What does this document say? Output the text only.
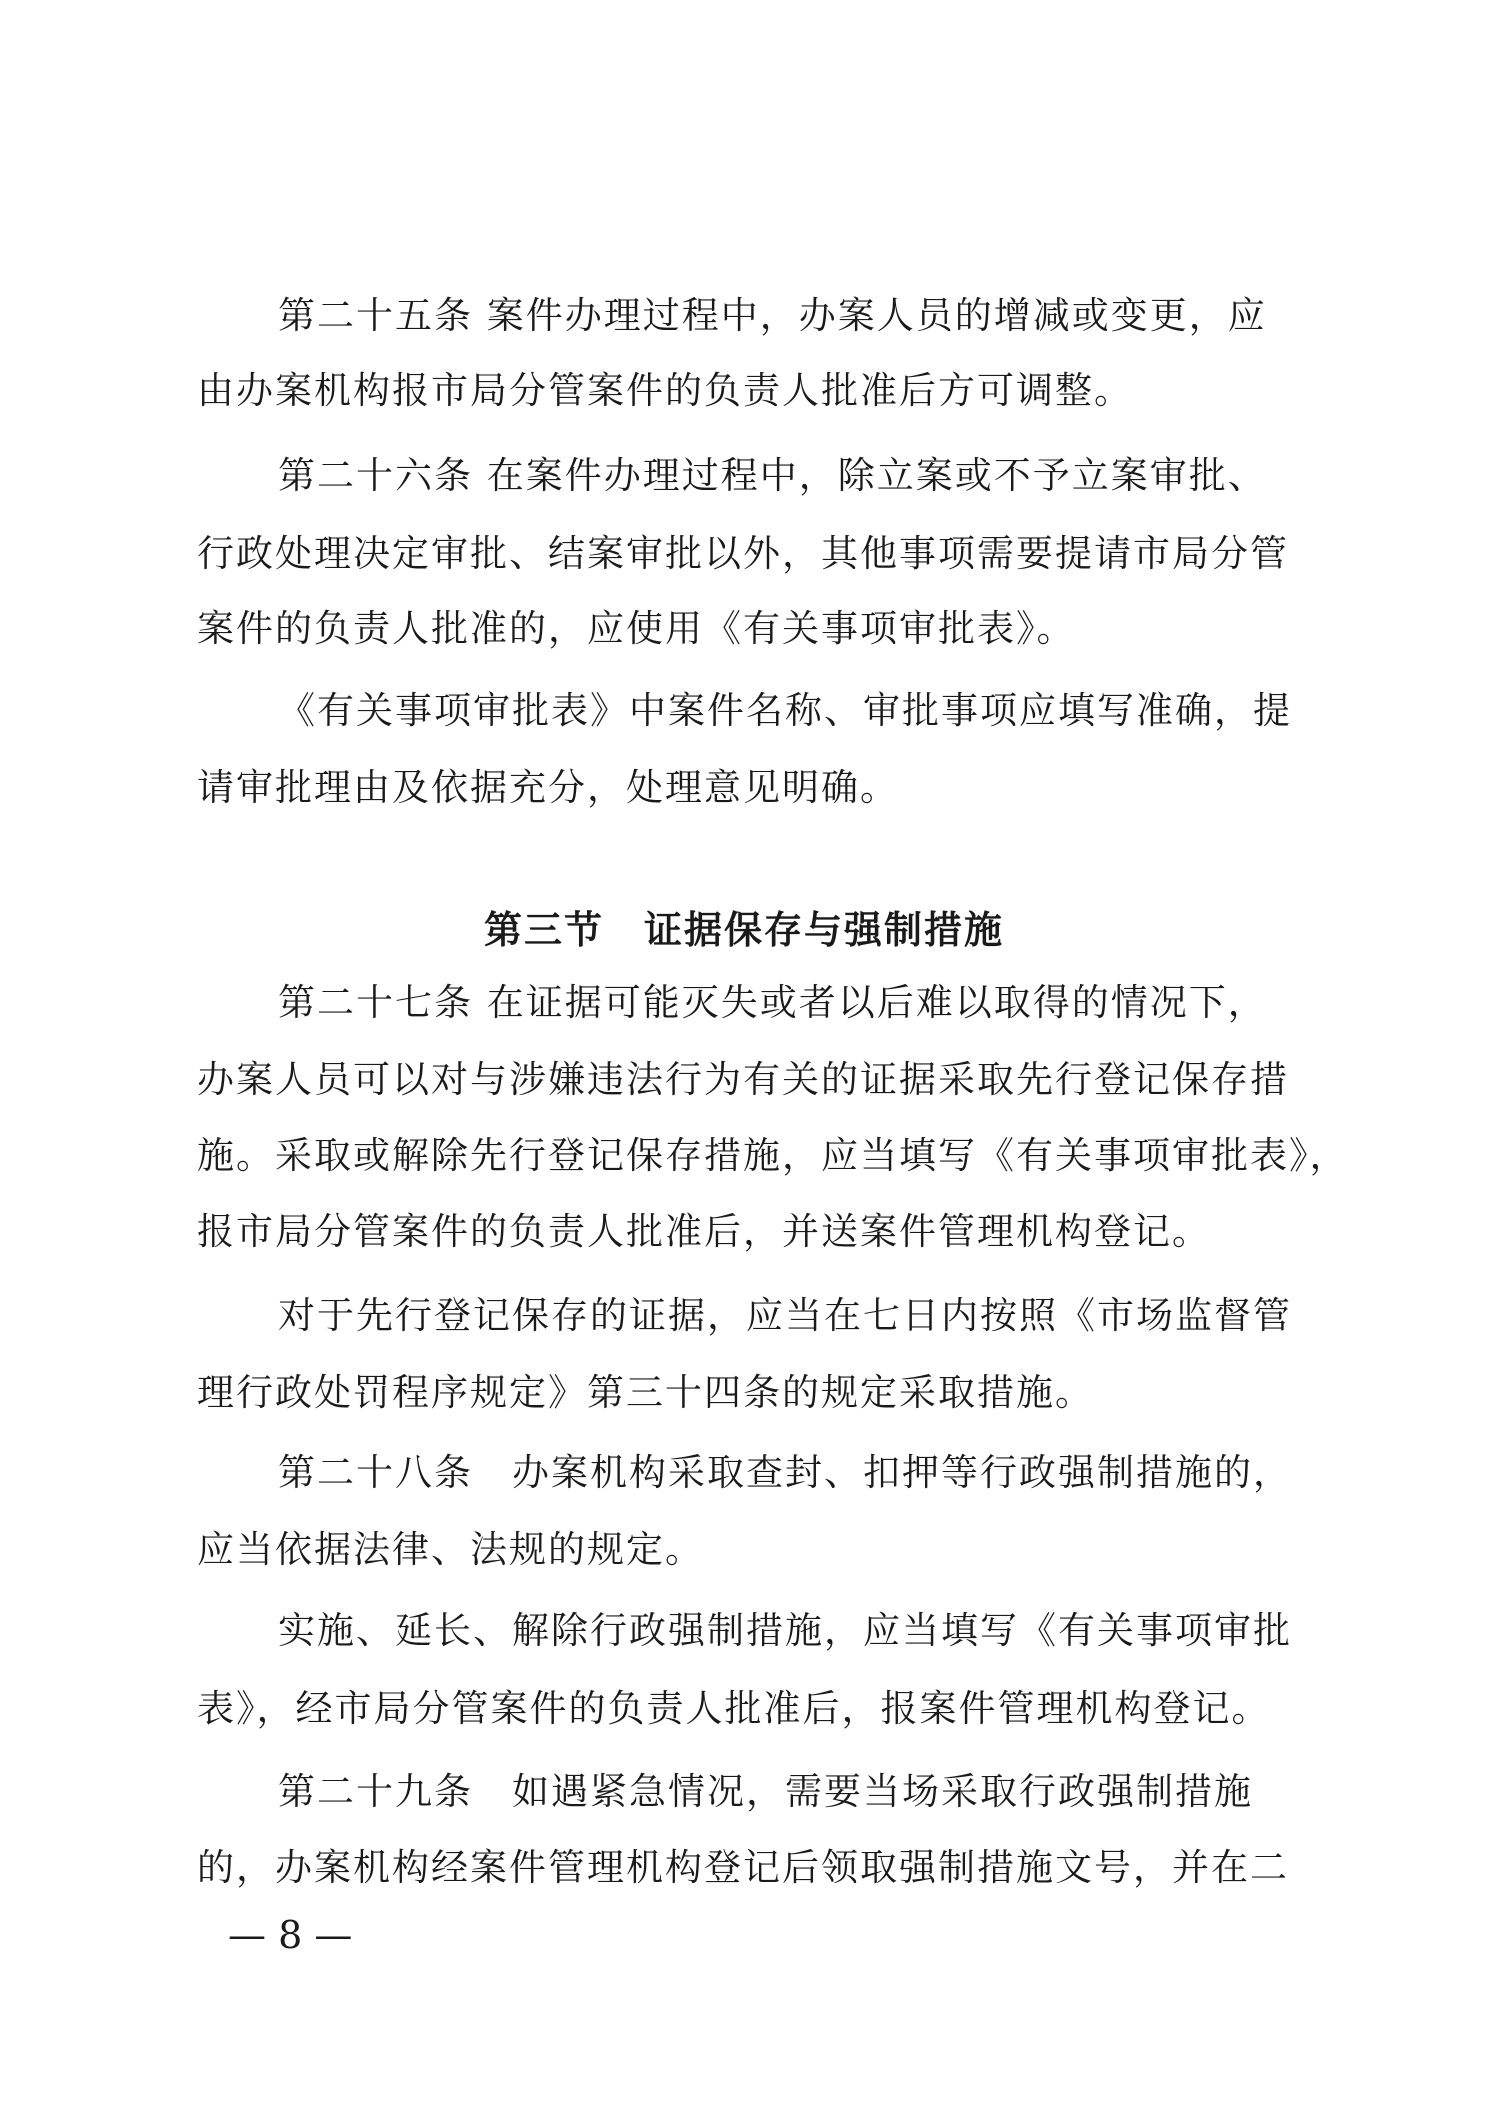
第二十五条 案件办理过程中，办案人员的增减或变更，应
由办案机构报市局分管案件的负责人批准后方可调整。
第二十六条 在案件办理过程中，除立案或不予立案审批、
行政处理决定审批、结案审批以外，其他事项需要提请市局分管
案件的负责人批准的，应使用《有关事项审批表》。
《有关事项审批表》中案件名称、审批事项应填写准确，提
请审批理由及依据充分，处理意见明确。
第三节　证据保存与强制措施
第二十七条 在证据可能灭失或者以后难以取得的情况下，
办案人员可以对与涉嫌违法行为有关的证据采取先行登记保存措
施。采取或解除先行登记保存措施，应当填写《有关事项审批表》，
报市局分管案件的负责人批准后，并送案件管理机构登记。
对于先行登记保存的证据，应当在七日内按照《市场监督管
理行政处罚程序规定》第三十四条的规定采取措施。
第二十八条　办案机构采取查封、扣押等行政强制措施的，
应当依据法律、法规的规定。
实施、延长、解除行政强制措施，应当填写《有关事项审批
表》，经市局分管案件的负责人批准后，报案件管理机构登记。
第二十九条　如遇紧急情况，需要当场采取行政强制措施
的，办案机构经案件管理机构登记后领取强制措施文号，并在二
— 8 —
